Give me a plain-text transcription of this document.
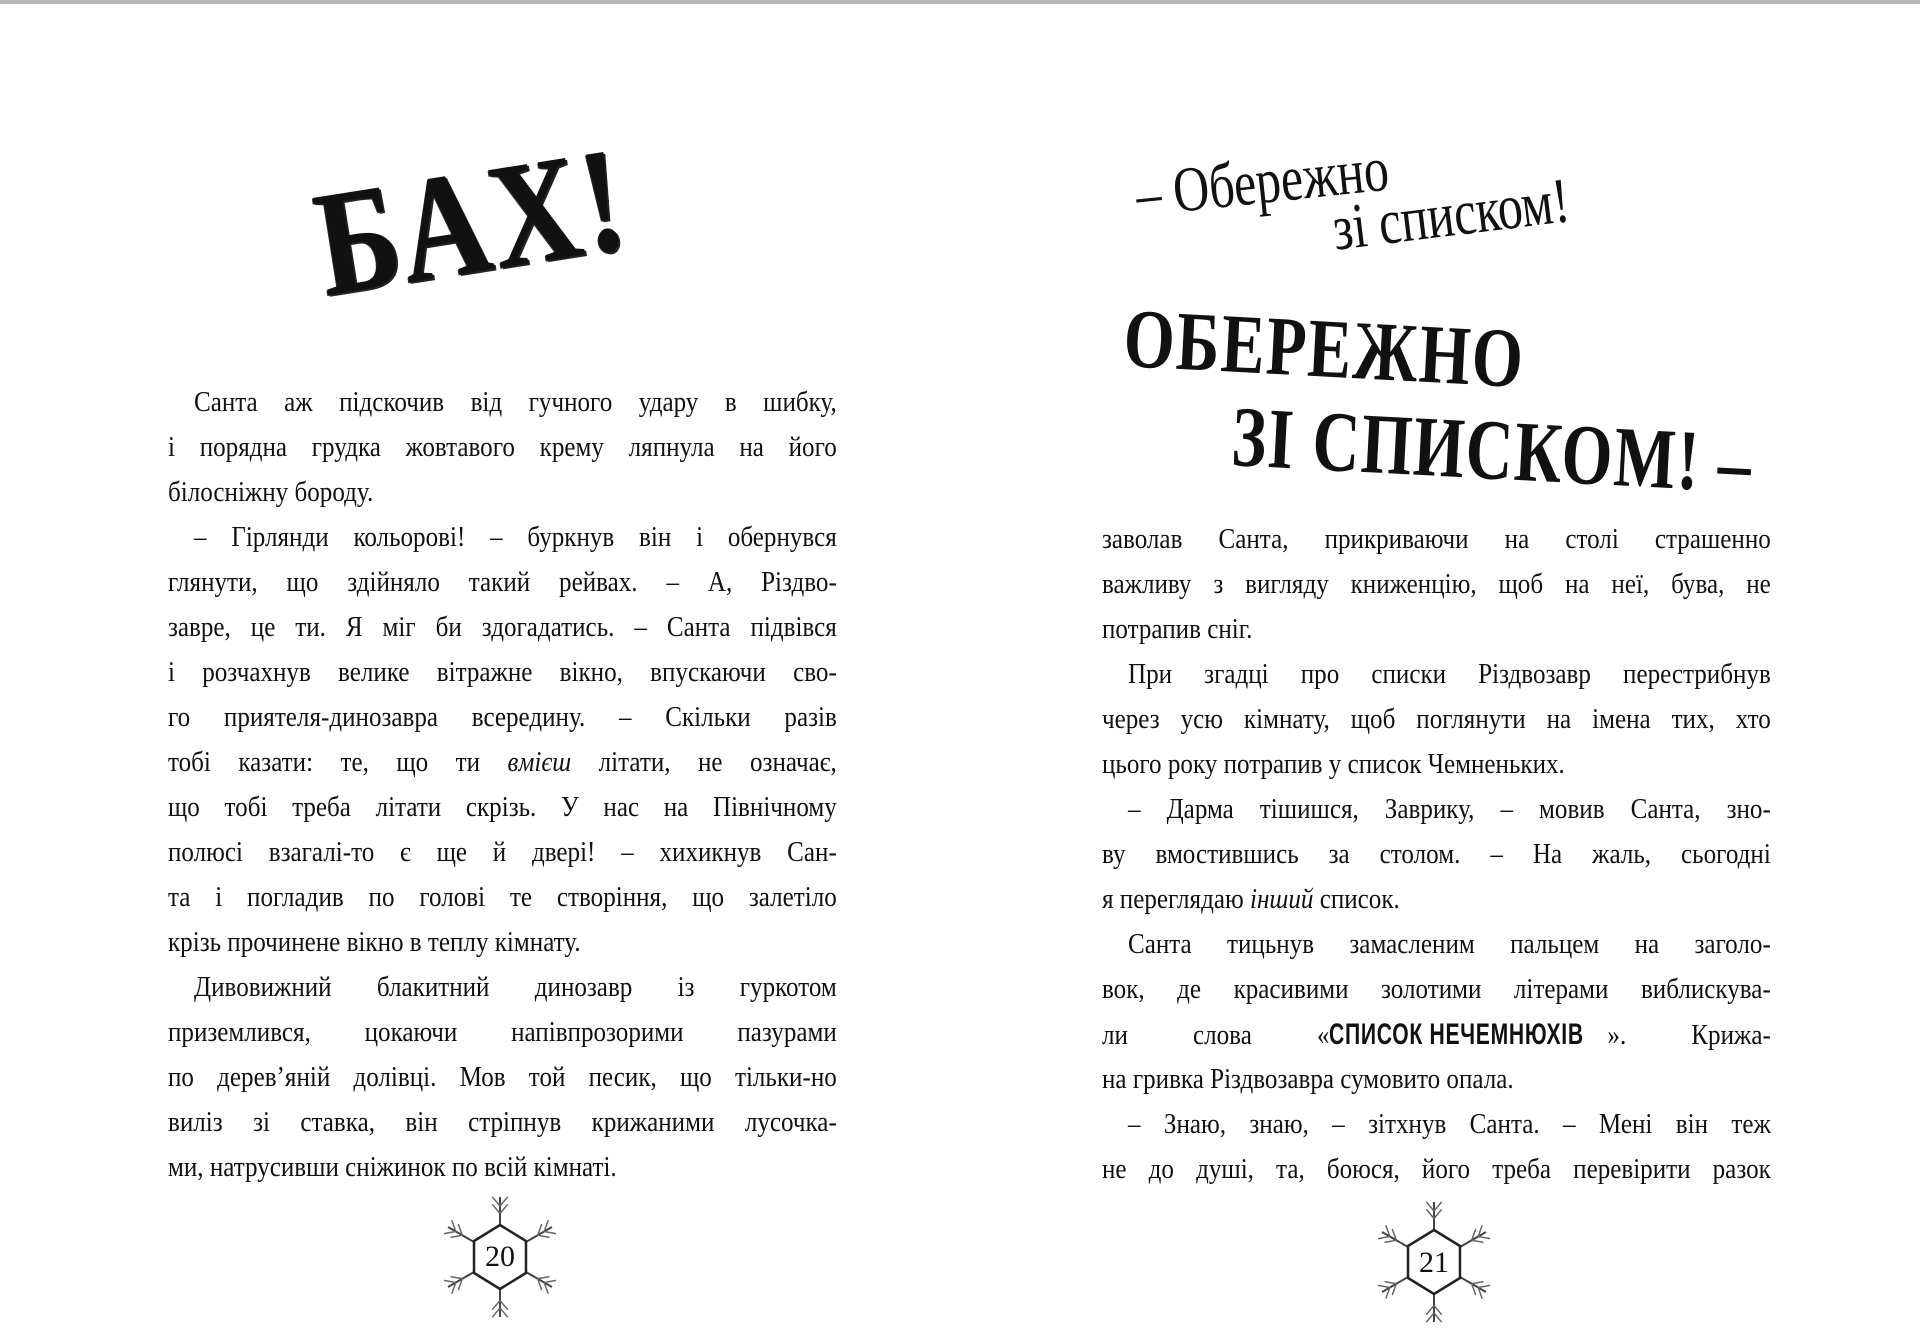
БАХ!
Санта аж підскочив від гучного удару в шибку,
і порядна грудка жовтавого крему ляпнула на його
білосніжну бороду.
– Гірлянди кольорові! – буркнув він і обернувся
глянути, що здійняло такий рейвах. – А, Різдво-
завре, це ти. Я міг би здогадатись. – Санта підвівся
і розчахнув велике вітражне вікно, впускаючи сво-
го приятеля-динозавра всередину. – Скільки разів
тобі казати: те, що ти вмієш літати, не означає,
що тобі треба літати скрізь. У нас на Північному
полюсі взагалі-то є ще й двері! – хихикнув Сан-
та і погладив по голові те створіння, що залетіло
крізь прочинене вікно в теплу кімнату.
Дивовижний блакитний динозавр із гуркотом
приземлився, цокаючи напівпрозорими пазурами
по дерев’яній долівці. Мов той песик, що тільки-но
виліз зі ставка, він стріпнув крижаними лусочка-
ми, натрусивши сніжинок по всій кімнаті.
20
– Обережно
зі списком!
ОБЕРЕЖНО
ЗІ СПИСКОМ! –
заволав Санта, прикриваючи на столі страшенно
важливу з вигляду книженцію, щоб на неї, бува, не
потрапив сніг.
При згадці про списки Різдвозавр перестрибнув
через усю кімнату, щоб поглянути на імена тих, хто
цього року потрапив у список Чемненьких.
– Дарма тішишся, Заврику, – мовив Санта, зно-
ву вмостившись за столом. – На жаль, сьогодні
я переглядаю інший список.
Санта тицьнув замасленим пальцем на заголо-
вок, де красивими золотими літерами виблискува-
ли слова «СПИСОК НЕЧЕМНЮХІВ ». Крижа-
на гривка Різдвозавра сумовито опала.
– Знаю, знаю, – зітхнув Санта. – Мені він теж
не до душі, та, боюся, його треба перевірити разок
21
